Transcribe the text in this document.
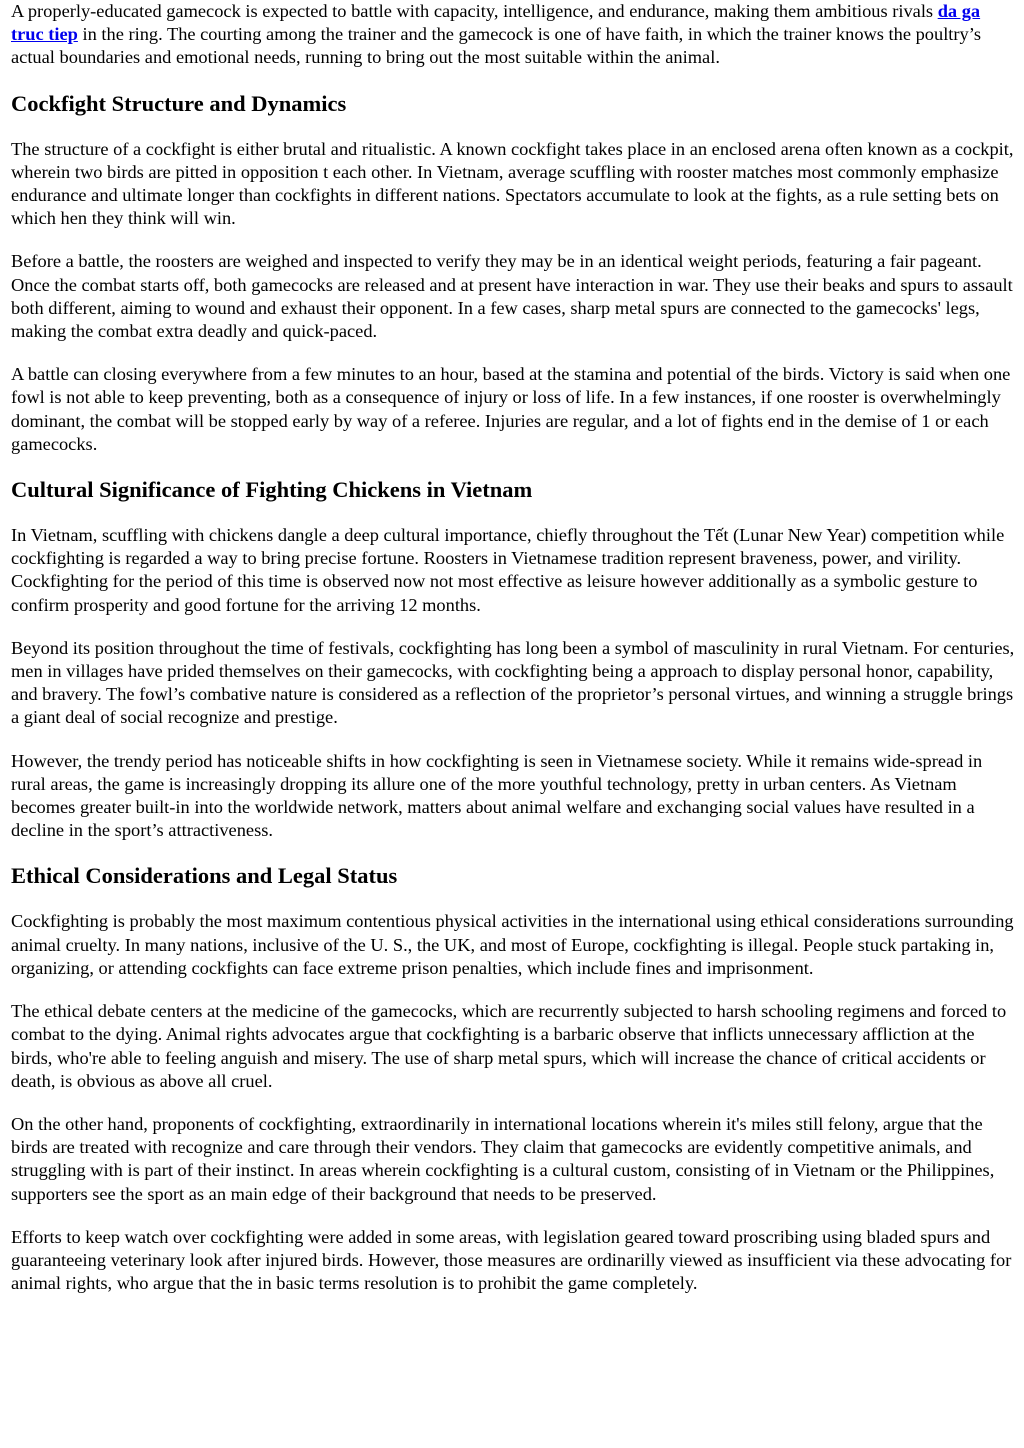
A properly-educated gamecock is expected to battle with capacity, intelligence, and endurance, making them ambitious rivals da ga truc tiep in the ring. The courting among the trainer and the gamecock is one of have faith, in which the trainer knows the poultry’s actual boundaries and emotional needs, running to bring out the most suitable within the animal.

Cockfight Structure and Dynamics

The structure of a cockfight is either brutal and ritualistic. A known cockfight takes place in an enclosed arena often known as a cockpit, wherein two birds are pitted in opposition t each other. In Vietnam, average scuffling with rooster matches most commonly emphasize endurance and ultimate longer than cockfights in different nations. Spectators accumulate to look at the fights, as a rule setting bets on which hen they think will win.

Before a battle, the roosters are weighed and inspected to verify they may be in an identical weight periods, featuring a fair pageant. Once the combat starts off, both gamecocks are released and at present have interaction in war. They use their beaks and spurs to assault both different, aiming to wound and exhaust their opponent. In a few cases, sharp metal spurs are connected to the gamecocks' legs, making the combat extra deadly and quick-paced.

A battle can closing everywhere from a few minutes to an hour, based at the stamina and potential of the birds. Victory is said when one fowl is not able to keep preventing, both as a consequence of injury or loss of life. In a few instances, if one rooster is overwhelmingly dominant, the combat will be stopped early by way of a referee. Injuries are regular, and a lot of fights end in the demise of 1 or each gamecocks.

Cultural Significance of Fighting Chickens in Vietnam

In Vietnam, scuffling with chickens dangle a deep cultural importance, chiefly throughout the Tết (Lunar New Year) competition while cockfighting is regarded a way to bring precise fortune. Roosters in Vietnamese tradition represent braveness, power, and virility. Cockfighting for the period of this time is observed now not most effective as leisure however additionally as a symbolic gesture to confirm prosperity and good fortune for the arriving 12 months.

Beyond its position throughout the time of festivals, cockfighting has long been a symbol of masculinity in rural Vietnam. For centuries, men in villages have prided themselves on their gamecocks, with cockfighting being a approach to display personal honor, capability, and bravery. The fowl’s combative nature is considered as a reflection of the proprietor’s personal virtues, and winning a struggle brings a giant deal of social recognize and prestige.

However, the trendy period has noticeable shifts in how cockfighting is seen in Vietnamese society. While it remains wide-spread in rural areas, the game is increasingly dropping its allure one of the more youthful technology, pretty in urban centers. As Vietnam becomes greater built-in into the worldwide network, matters about animal welfare and exchanging social values have resulted in a decline in the sport’s attractiveness.

Ethical Considerations and Legal Status

Cockfighting is probably the most maximum contentious physical activities in the international using ethical considerations surrounding animal cruelty. In many nations, inclusive of the U. S., the UK, and most of Europe, cockfighting is illegal. People stuck partaking in, organizing, or attending cockfights can face extreme prison penalties, which include fines and imprisonment.

The ethical debate centers at the medicine of the gamecocks, which are recurrently subjected to harsh schooling regimens and forced to combat to the dying. Animal rights advocates argue that cockfighting is a barbaric observe that inflicts unnecessary affliction at the birds, who're able to feeling anguish and misery. The use of sharp metal spurs, which will increase the chance of critical accidents or death, is obvious as above all cruel.

On the other hand, proponents of cockfighting, extraordinarily in international locations wherein it's miles still felony, argue that the birds are treated with recognize and care through their vendors. They claim that gamecocks are evidently competitive animals, and struggling with is part of their instinct. In areas wherein cockfighting is a cultural custom, consisting of in Vietnam or the Philippines, supporters see the sport as an main edge of their background that needs to be preserved.

Efforts to keep watch over cockfighting were added in some areas, with legislation geared toward proscribing using bladed spurs and guaranteeing veterinary look after injured birds. However, those measures are ordinarilly viewed as insufficient via these advocating for animal rights, who argue that the in basic terms resolution is to prohibit the game completely.
